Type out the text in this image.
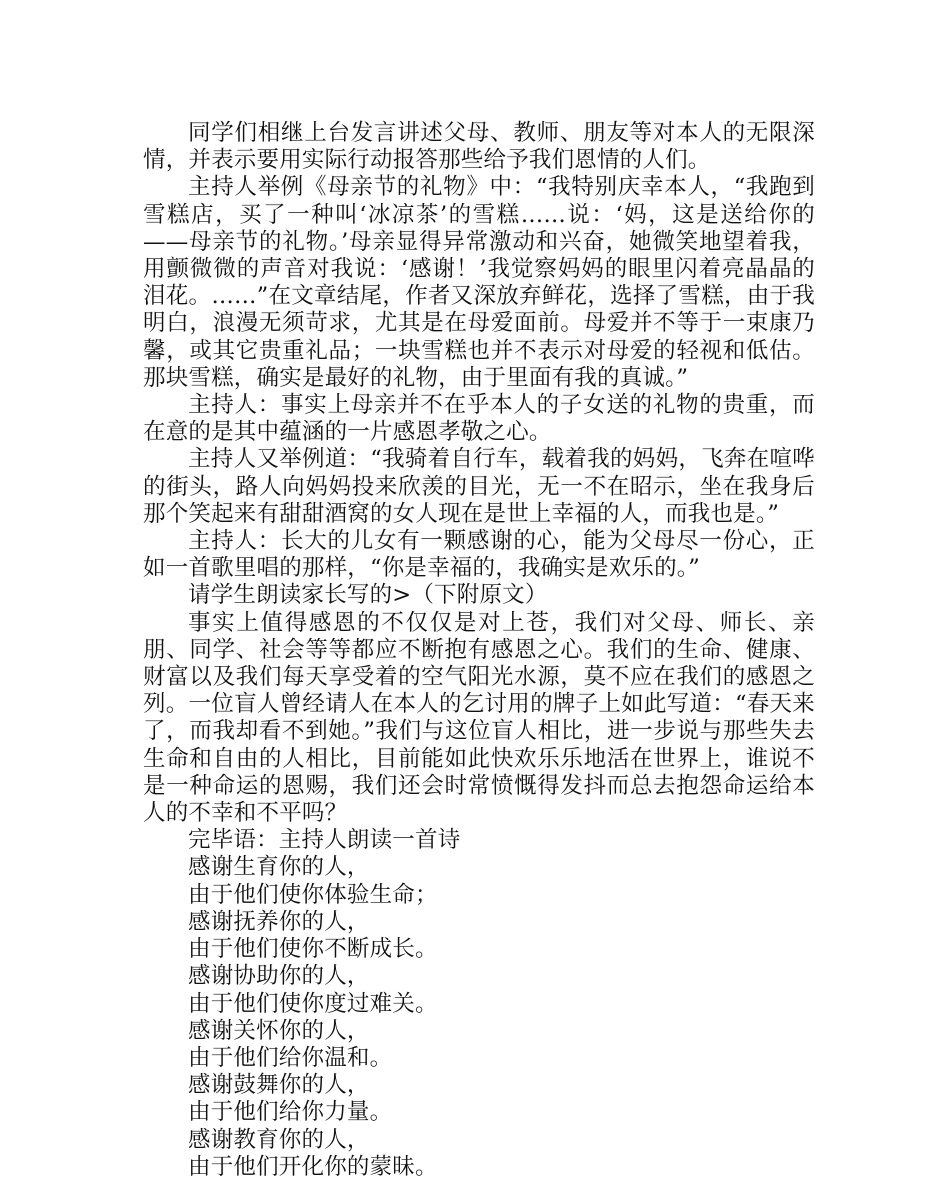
同学们相继上台发言讲述父母、教师、朋友等对本人的无限深情，并表示要用实际行动报答那些给予我们恩情的人们。

主持人举例《母亲节的礼物》中：“我特别庆幸本人，“我跑到雪糕店，买了一种叫‘冰凉茶’的雪糕……说：‘妈，这是送给你的——母亲节的礼物。’母亲显得异常激动和兴奋，她微笑地望着我，用颤微微的声音对我说：‘感谢！’我觉察妈妈的眼里闪着亮晶晶的泪花。……”在文章结尾，作者又深放弃鲜花，选择了雪糕，由于我明白，浪漫无须苛求，尤其是在母爱面前。母爱并不等于一束康乃馨，或其它贵重礼品；一块雪糕也并不表示对母爱的轻视和低估。那块雪糕，确实是最好的礼物，由于里面有我的真诚。”

主持人：事实上母亲并不在乎本人的子女送的礼物的贵重，而在意的是其中蕴涵的一片感恩孝敬之心。

主持人又举例道：“我骑着自行车，载着我的妈妈，飞奔在喧哗的街头，路人向妈妈投来欣羡的目光，无一不在昭示，坐在我身后那个笑起来有甜甜酒窝的女人现在是世上幸福的人，而我也是。”

主持人：长大的儿女有一颗感谢的心，能为父母尽一份心，正如一首歌里唱的那样，“你是幸福的，我确实是欢乐的。”

请学生朗读家长写的>（下附原文）

事实上值得感恩的不仅仅是对上苍，我们对父母、师长、亲朋、同学、社会等等都应不断抱有感恩之心。我们的生命、健康、财富以及我们每天享受着的空气阳光水源，莫不应在我们的感恩之列。一位盲人曾经请人在本人的乞讨用的牌子上如此写道：“春天来了，而我却看不到她。”我们与这位盲人相比，进一步说与那些失去生命和自由的人相比，目前能如此快欢乐乐地活在世界上，谁说不是一种命运的恩赐，我们还会时常愤慨得发抖而总去抱怨命运给本人的不幸和不平吗？

完毕语：主持人朗读一首诗

感谢生育你的人，

由于他们使你体验生命；

感谢抚养你的人，

由于他们使你不断成长。

感谢协助你的人，

由于他们使你度过难关。

感谢关怀你的人，

由于他们给你温和。

感谢鼓舞你的人，

由于他们给你力量。

感谢教育你的人，

由于他们开化你的蒙昧。
